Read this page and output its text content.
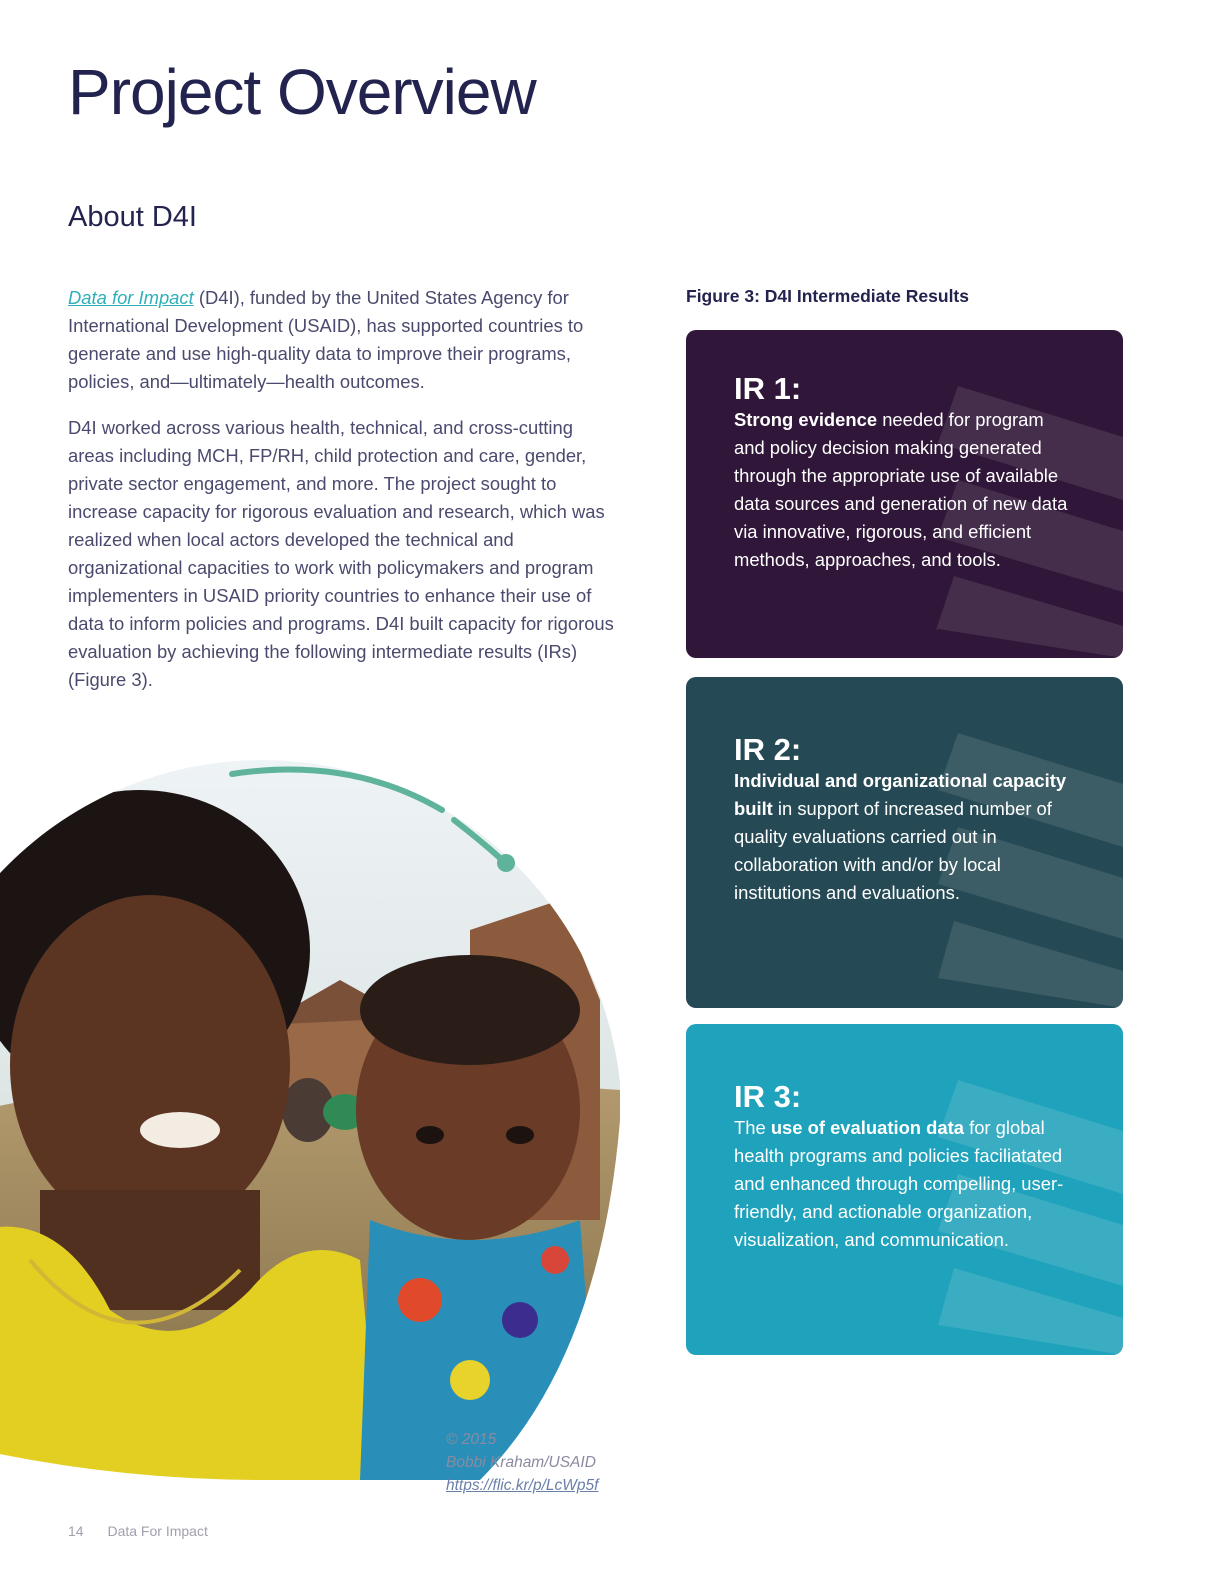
Project Overview
About D4I

Data for Impact (D4I), funded by the United States Agency for International Development (USAID), has supported countries to generate and use high-quality data to improve their programs, policies, and—ultimately—health outcomes.

D4I worked across various health, technical, and cross-cutting areas including MCH, FP/RH, child protection and care, gender, private sector engagement, and more. The project sought to increase capacity for rigorous evaluation and research, which was realized when local actors developed the technical and organizational capacities to work with policymakers and program implementers in USAID priority countries to enhance their use of data to inform policies and programs. D4I built capacity for rigorous evaluation by achieving the following intermediate results (IRs) (Figure 3).

Figure 3: D4I Intermediate Results

IR 1:

Strong evidence needed for program and policy decision making generated through the appropriate use of available data sources and generation of new data via innovative, rigorous, and efficient methods, approaches, and tools.

IR 2:

Individual and organizational capacity built in support of increased number of quality evaluations carried out in collaboration with and/or by local institutions and evaluations.

IR 3:

The use of evaluation data for global health programs and policies faciliatated and enhanced through compelling, user-friendly, and actionable organization, visualization, and communication.

© 2015
Bobbi Kraham/USAID
https://flic.kr/p/LcWp5f
14 Data For Impact
